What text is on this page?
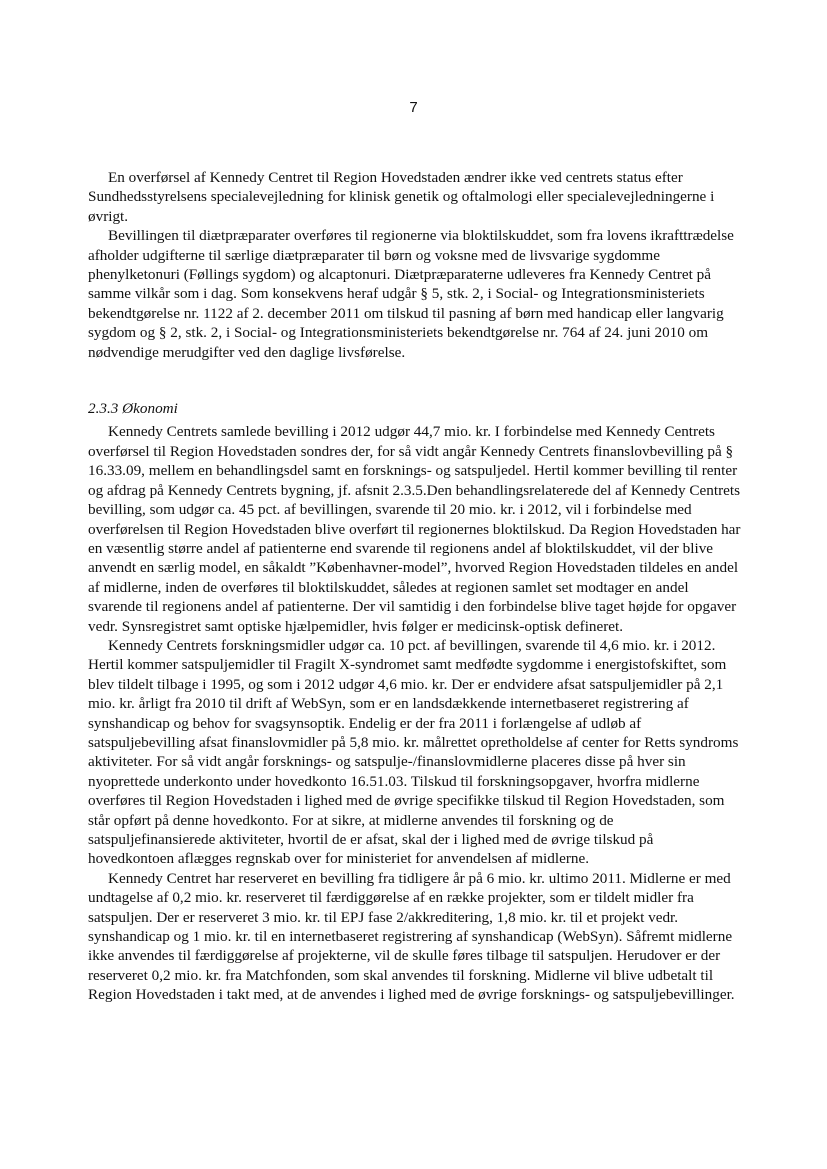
7

En overførsel af Kennedy Centret til Region Hovedstaden ændrer ikke ved centrets status efter Sundhedsstyrelsens specialevejledning for klinisk genetik og oftalmologi eller specialevejledningerne i øvrigt.

Bevillingen til diætpræparater overføres til regionerne via bloktilskuddet, som fra lovens ikrafttrædelse afholder udgifterne til særlige diætpræparater til børn og voksne med de livsvarige sygdomme phenylketonuri (Føllings sygdom) og alcaptonuri. Diætpræparaterne udleveres fra Kennedy Centret på samme vilkår som i dag. Som konsekvens heraf udgår § 5, stk. 2, i Social- og Integrationsministeriets bekendtgørelse nr. 1122 af 2. december 2011 om tilskud til pasning af børn med handicap eller langvarig sygdom og § 2, stk. 2, i Social- og Integrationsministeriets bekendtgørelse nr. 764 af 24. juni 2010 om nødvendige merudgifter ved den daglige livsførelse.

2.3.3 Økonomi

Kennedy Centrets samlede bevilling i 2012 udgør 44,7 mio. kr. I forbindelse med Kennedy Centrets overførsel til Region Hovedstaden sondres der, for så vidt angår Kennedy Centrets finanslovbevilling på § 16.33.09, mellem en behandlingsdel samt en forsknings- og satspuljedel. Hertil kommer bevilling til renter og afdrag på Kennedy Centrets bygning, jf. afsnit 2.3.5.Den behandlingsrelaterede del af Kennedy Centrets bevilling, som udgør ca. 45 pct. af bevillingen, svarende til 20 mio. kr. i 2012, vil i forbindelse med overførelsen til Region Hovedstaden blive overført til regionernes bloktilskud. Da Region Hovedstaden har en væsentlig større andel af patienterne end svarende til regionens andel af bloktilskuddet, vil der blive anvendt en særlig model, en såkaldt ”Københavner-model”, hvorved Region Hovedstaden tildeles en andel af midlerne, inden de overføres til bloktilskuddet, således at regionen samlet set modtager en andel svarende til regionens andel af patienterne. Der vil samtidig i den forbindelse blive taget højde for opgaver vedr. Synsregistret samt optiske hjælpemidler, hvis følger er medicinsk-optisk defineret.

Kennedy Centrets forskningsmidler udgør ca. 10 pct. af bevillingen, svarende til 4,6 mio. kr. i 2012. Hertil kommer satspuljemidler til Fragilt X-syndromet samt medfødte sygdomme i energistofskiftet, som blev tildelt tilbage i 1995, og som i 2012 udgør 4,6 mio. kr. Der er endvidere afsat satspuljemidler på 2,1 mio. kr. årligt fra 2010 til drift af WebSyn, som er en landsdækkende internetbaseret registrering af synshandicap og behov for svagsynsoptik. Endelig er der fra 2011 i forlængelse af udløb af satspuljebevilling afsat finanslovmidler på 5,8 mio. kr. målrettet opretholdelse af center for Retts syndroms aktiviteter. For så vidt angår forsknings- og satspulje-/finanslovmidlerne placeres disse på hver sin nyoprettede underkonto under hovedkonto 16.51.03. Tilskud til forskningsopgaver, hvorfra midlerne overføres til Region Hovedstaden i lighed med de øvrige specifikke tilskud til Region Hovedstaden, som står opført på denne hovedkonto. For at sikre, at midlerne anvendes til forskning og de satspuljefinansierede aktiviteter, hvortil de er afsat, skal der i lighed med de øvrige tilskud på hovedkontoen aflægges regnskab over for ministeriet for anvendelsen af midlerne.

Kennedy Centret har reserveret en bevilling fra tidligere år på 6 mio. kr. ultimo 2011. Midlerne er med undtagelse af 0,2 mio. kr. reserveret til færdiggørelse af en række projekter, som er tildelt midler fra satspuljen. Der er reserveret 3 mio. kr. til EPJ fase 2/akkreditering, 1,8 mio. kr. til et projekt vedr. synshandicap og 1 mio. kr. til en internetbaseret registrering af synshandicap (WebSyn). Såfremt midlerne ikke anvendes til færdiggørelse af projekterne, vil de skulle føres tilbage til satspuljen. Herudover er der reserveret 0,2 mio. kr. fra Matchfonden, som skal anvendes til forskning. Midlerne vil blive udbetalt til Region Hovedstaden i takt med, at de anvendes i lighed med de øvrige forsknings- og satspuljebevillinger.
